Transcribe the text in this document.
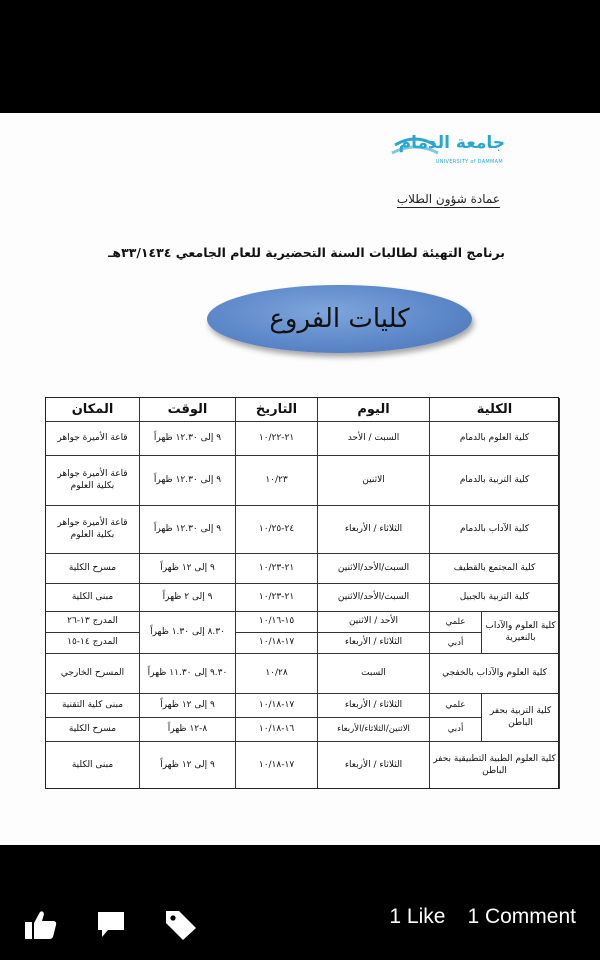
جامعة الدمام
UNIVERSITY of DAMMAM
عمادة شؤون الطلاب
برنامج التهيئة لطالبات السنة التحضيرية للعام الجامعي ٣٣/١٤٣٤هـ
كليات الفروع
الكلية
اليوم
التاريخ
الوقت
المكان
كلية العلوم بالدمام
السبت / الأحد
٢١-١٠/٢٢
٩ إلى ١٢.٣٠ ظهراً
قاعة الأميرة جواهر
كلية التربية بالدمام
الاثنين
١٠/٢٣
٩ إلى ١٢.٣٠ ظهراً
قاعة الأميرة جواهر بكلية العلوم
كلية الآداب بالدمام
الثلاثاء / الأربعاء
٢٤-١٠/٢٥
٩ إلى ١٢.٣٠ ظهراً
قاعة الأميرة جواهر بكلية العلوم
كلية المجتمع بالقطيف
السبت/الأحد/الاثنين
٢١-١٠/٢٣
٩ إلى ١٢ ظهراً
مسرح الكلية
كلية التربية بالجبيل
السبت/الأحد/الاثنين
٢١-١٠/٢٣
٩ إلى ٢ ظهراً
مبنى الكلية
كلية العلوم والآداب بالنعيرية
علمي
أدبي
الأحد / الاثنين
الثلاثاء / الأربعاء
١٥-١٠/١٦
١٧-١٠/١٨
٨.٣٠ إلى ١.٣٠ ظهراً
المدرج ١٣-٢٦
المدرج ١٤-١٥
كلية العلوم والآداب بالخفجي
السبت
١٠/٢٨
٩.٣٠ إلى ١١.٣٠ ظهراً
المسرح الخارجي
كلية التربية بحفر الباطن
علمي
أدبي
الثلاثاء / الأربعاء
الاثنين/الثلاثاء/الأربعاء
١٧-١٠/١٨
١٦-١٠/١٨
٩ إلى ١٢ ظهراً
٨-١٢ ظهراً
مبنى كلية التقنية
مسرح الكلية
كلية العلوم الطبية التطبيقية بحفر الباطن
الثلاثاء / الأربعاء
١٧-١٠/١٨
٩ إلى ١٢ ظهراً
مبنى الكلية
1 Like 1 Comment
